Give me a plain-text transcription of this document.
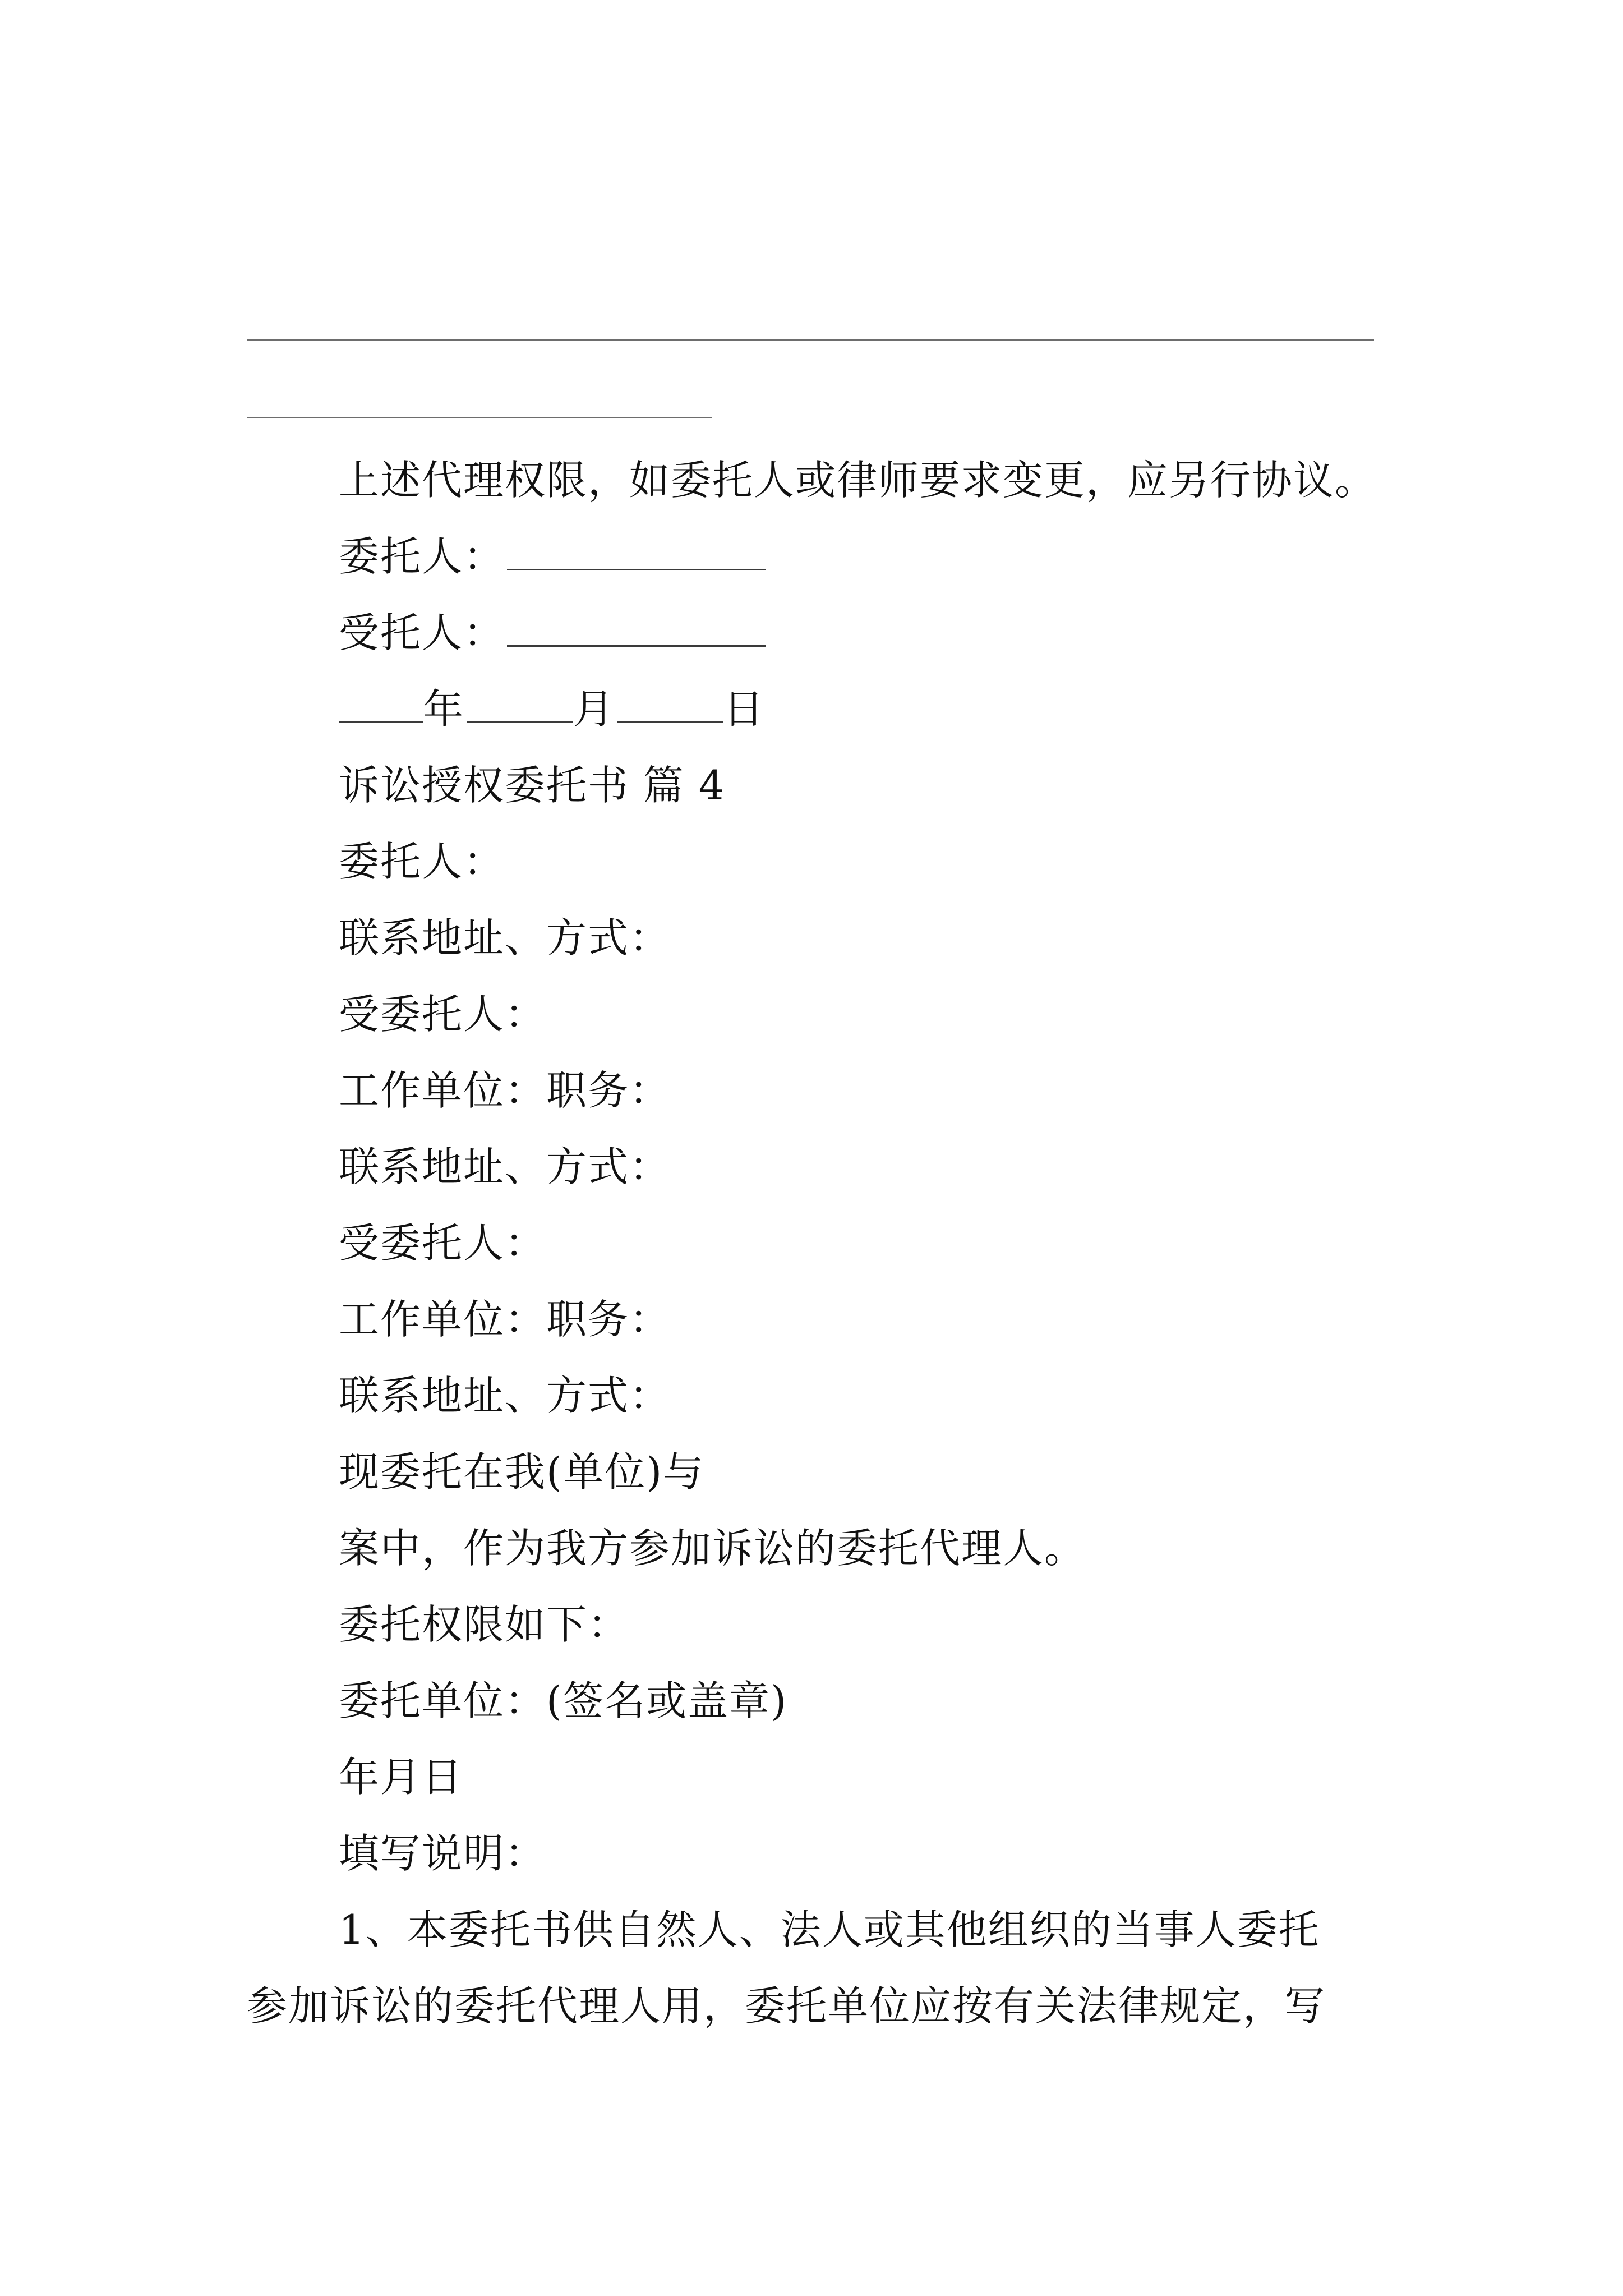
上述代理权限，如委托人或律师要求变更，应另行协议。
委托人：
受托人：
年	月	日
诉讼授权委托书 篇 4
委托人：
联系地址、方式：
受委托人：
工作单位：职务：
联系地址、方式：
受委托人：
工作单位：职务：
联系地址、方式：
现委托在我(单位)与
案中，作为我方参加诉讼的委托代理人。
委托权限如下：
委托单位：(签名或盖章)
年月日
填写说明：
1、本委托书供自然人、法人或其他组织的当事人委托
参加诉讼的委托代理人用，委托单位应按有关法律规定，写
